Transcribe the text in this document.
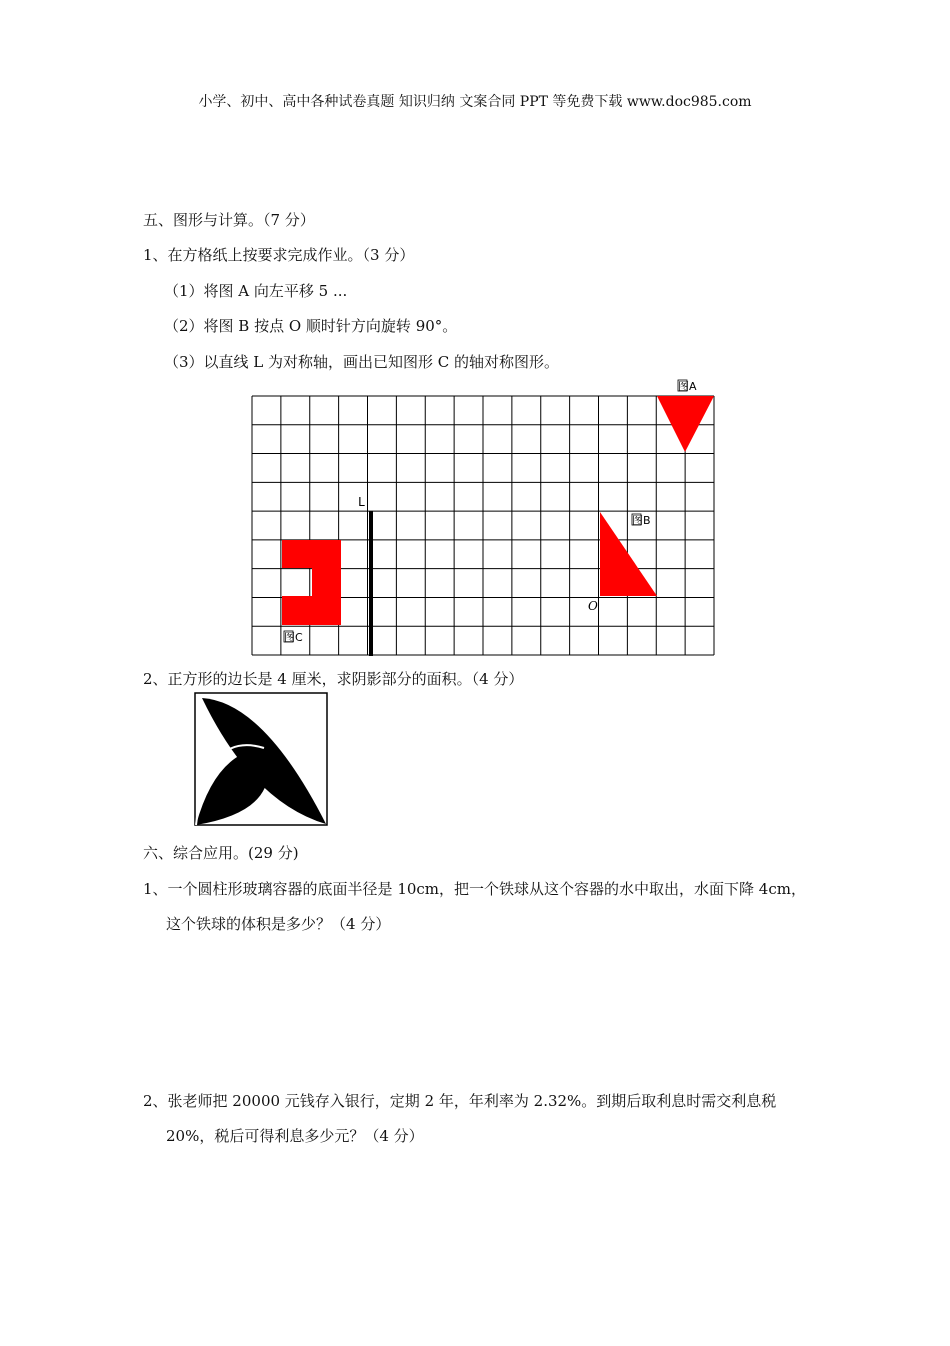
小学、初中、高中各种试卷真题 知识归纳 文案合同 PPT 等免费下载 www.doc985.com
五、图形与计算。（7 分）
1、在方格纸上按要求完成作业。（3 分）
（1）将图 A 向左平移 5 ...
（2）将图 B 按点 O 顺时针方向旋转 90°。
（3）以直线 L 为对称轴，画出已知图形 C 的轴对称图形。
L
O
图A
图B
图C
2、正方形的边长是 4 厘米，求阴影部分的面积。（4 分）
六、综合应用。(29 分)
1、一个圆柱形玻璃容器的底面半径是 10cm，把一个铁球从这个容器的水中取出，水面下降 4cm，
这个铁球的体积是多少？（4 分）
2、张老师把 20000 元钱存入银行，定期 2 年，年利率为 2.32%。到期后取利息时需交利息税
20%，税后可得利息多少元？（4 分）
